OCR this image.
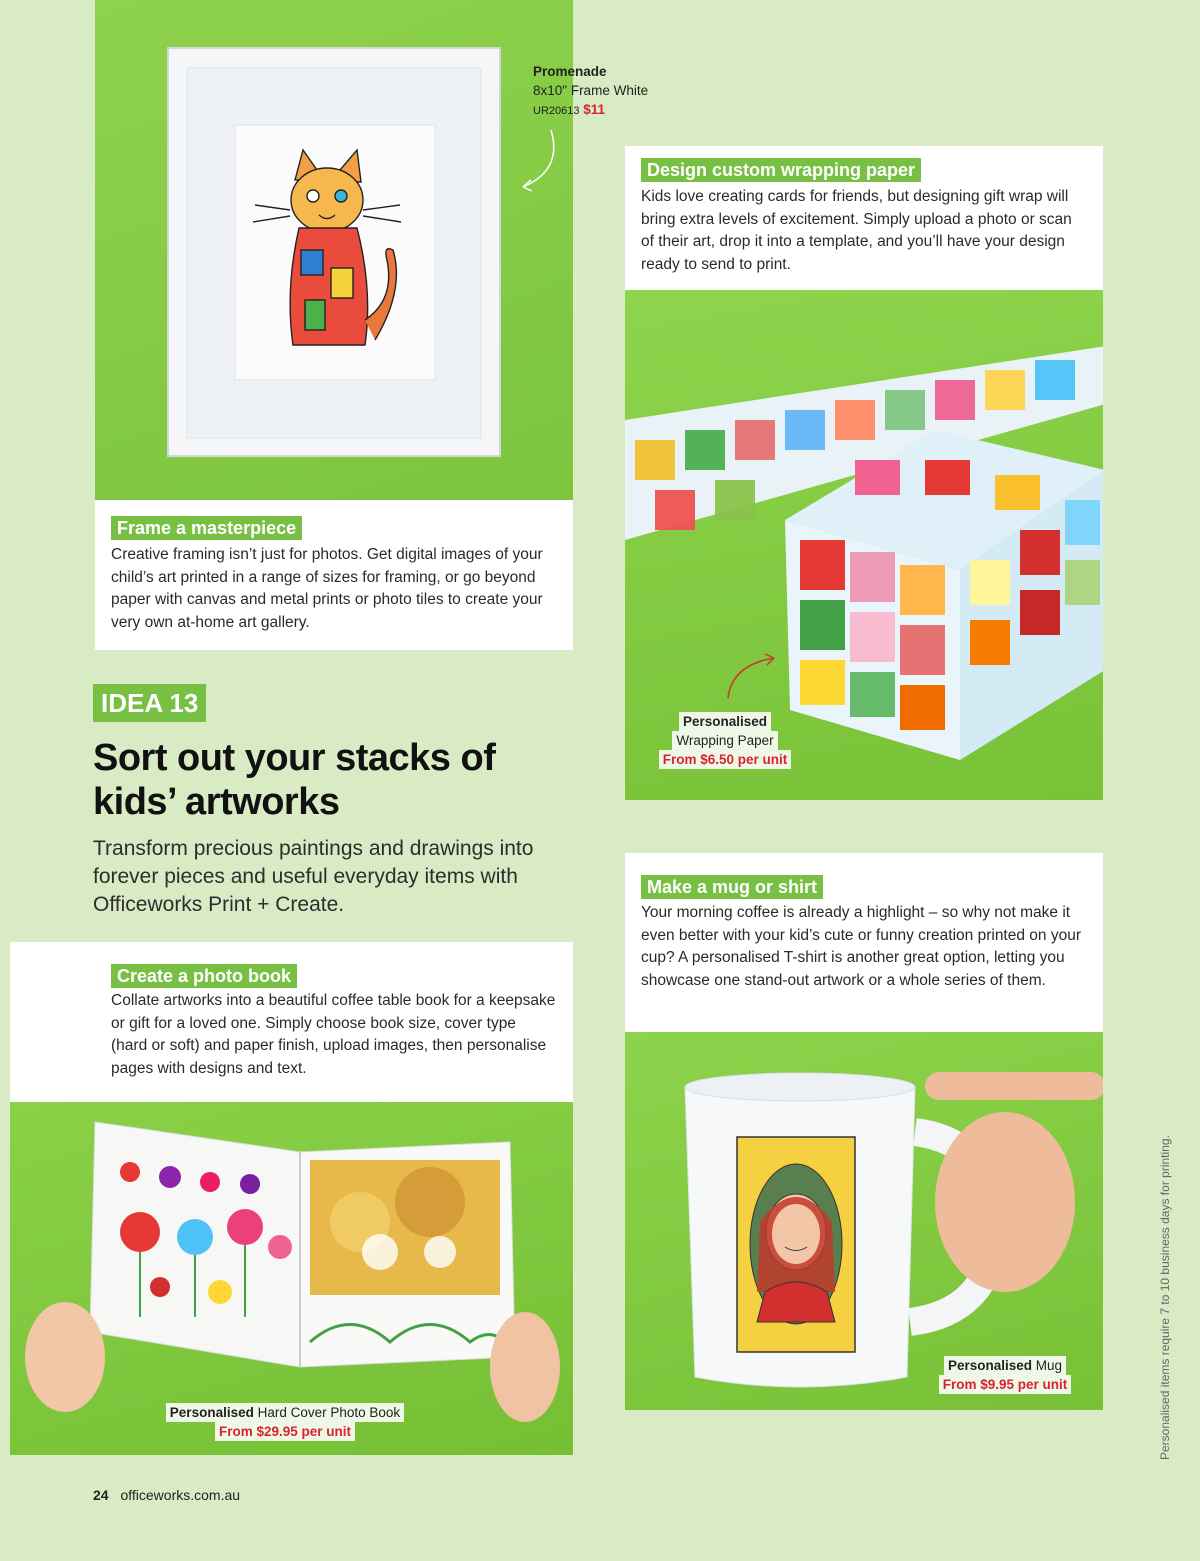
Promenade
8x10" Frame White
UR20613 $11
Frame a masterpiece
Creative framing isn’t just for photos. Get digital images of your child’s art printed in a range of sizes for framing, or go beyond paper with canvas and metal prints or photo tiles to create your very own at-home art gallery.
Design custom wrapping paper
Kids love creating cards for friends, but designing gift wrap will bring extra levels of excitement. Simply upload a photo or scan of their art, drop it into a template, and you’ll have your design ready to send to print.
Personalised
Wrapping Paper
From $6.50 per unit
IDEA 13
Sort out your stacks of kids’ artworks
Transform precious paintings and drawings into forever pieces and useful everyday items with Officeworks Print + Create.
Make a mug or shirt
Your morning coffee is already a highlight – so why not make it even better with your kid’s cute or funny creation printed on your cup? A personalised T-shirt is another great option, letting you showcase one stand-out artwork or a whole series of them.
Create a photo book
Collate artworks into a beautiful coffee table book for a keepsake or gift for a loved one. Simply choose book size, cover type (hard or soft) and paper finish, upload images, then personalise pages with designs and text.
Personalised Hard Cover Photo Book
From $29.95 per unit
Personalised Mug
From $9.95 per unit
24 officeworks.com.au
Personalised items require 7 to 10 business days for printing.
